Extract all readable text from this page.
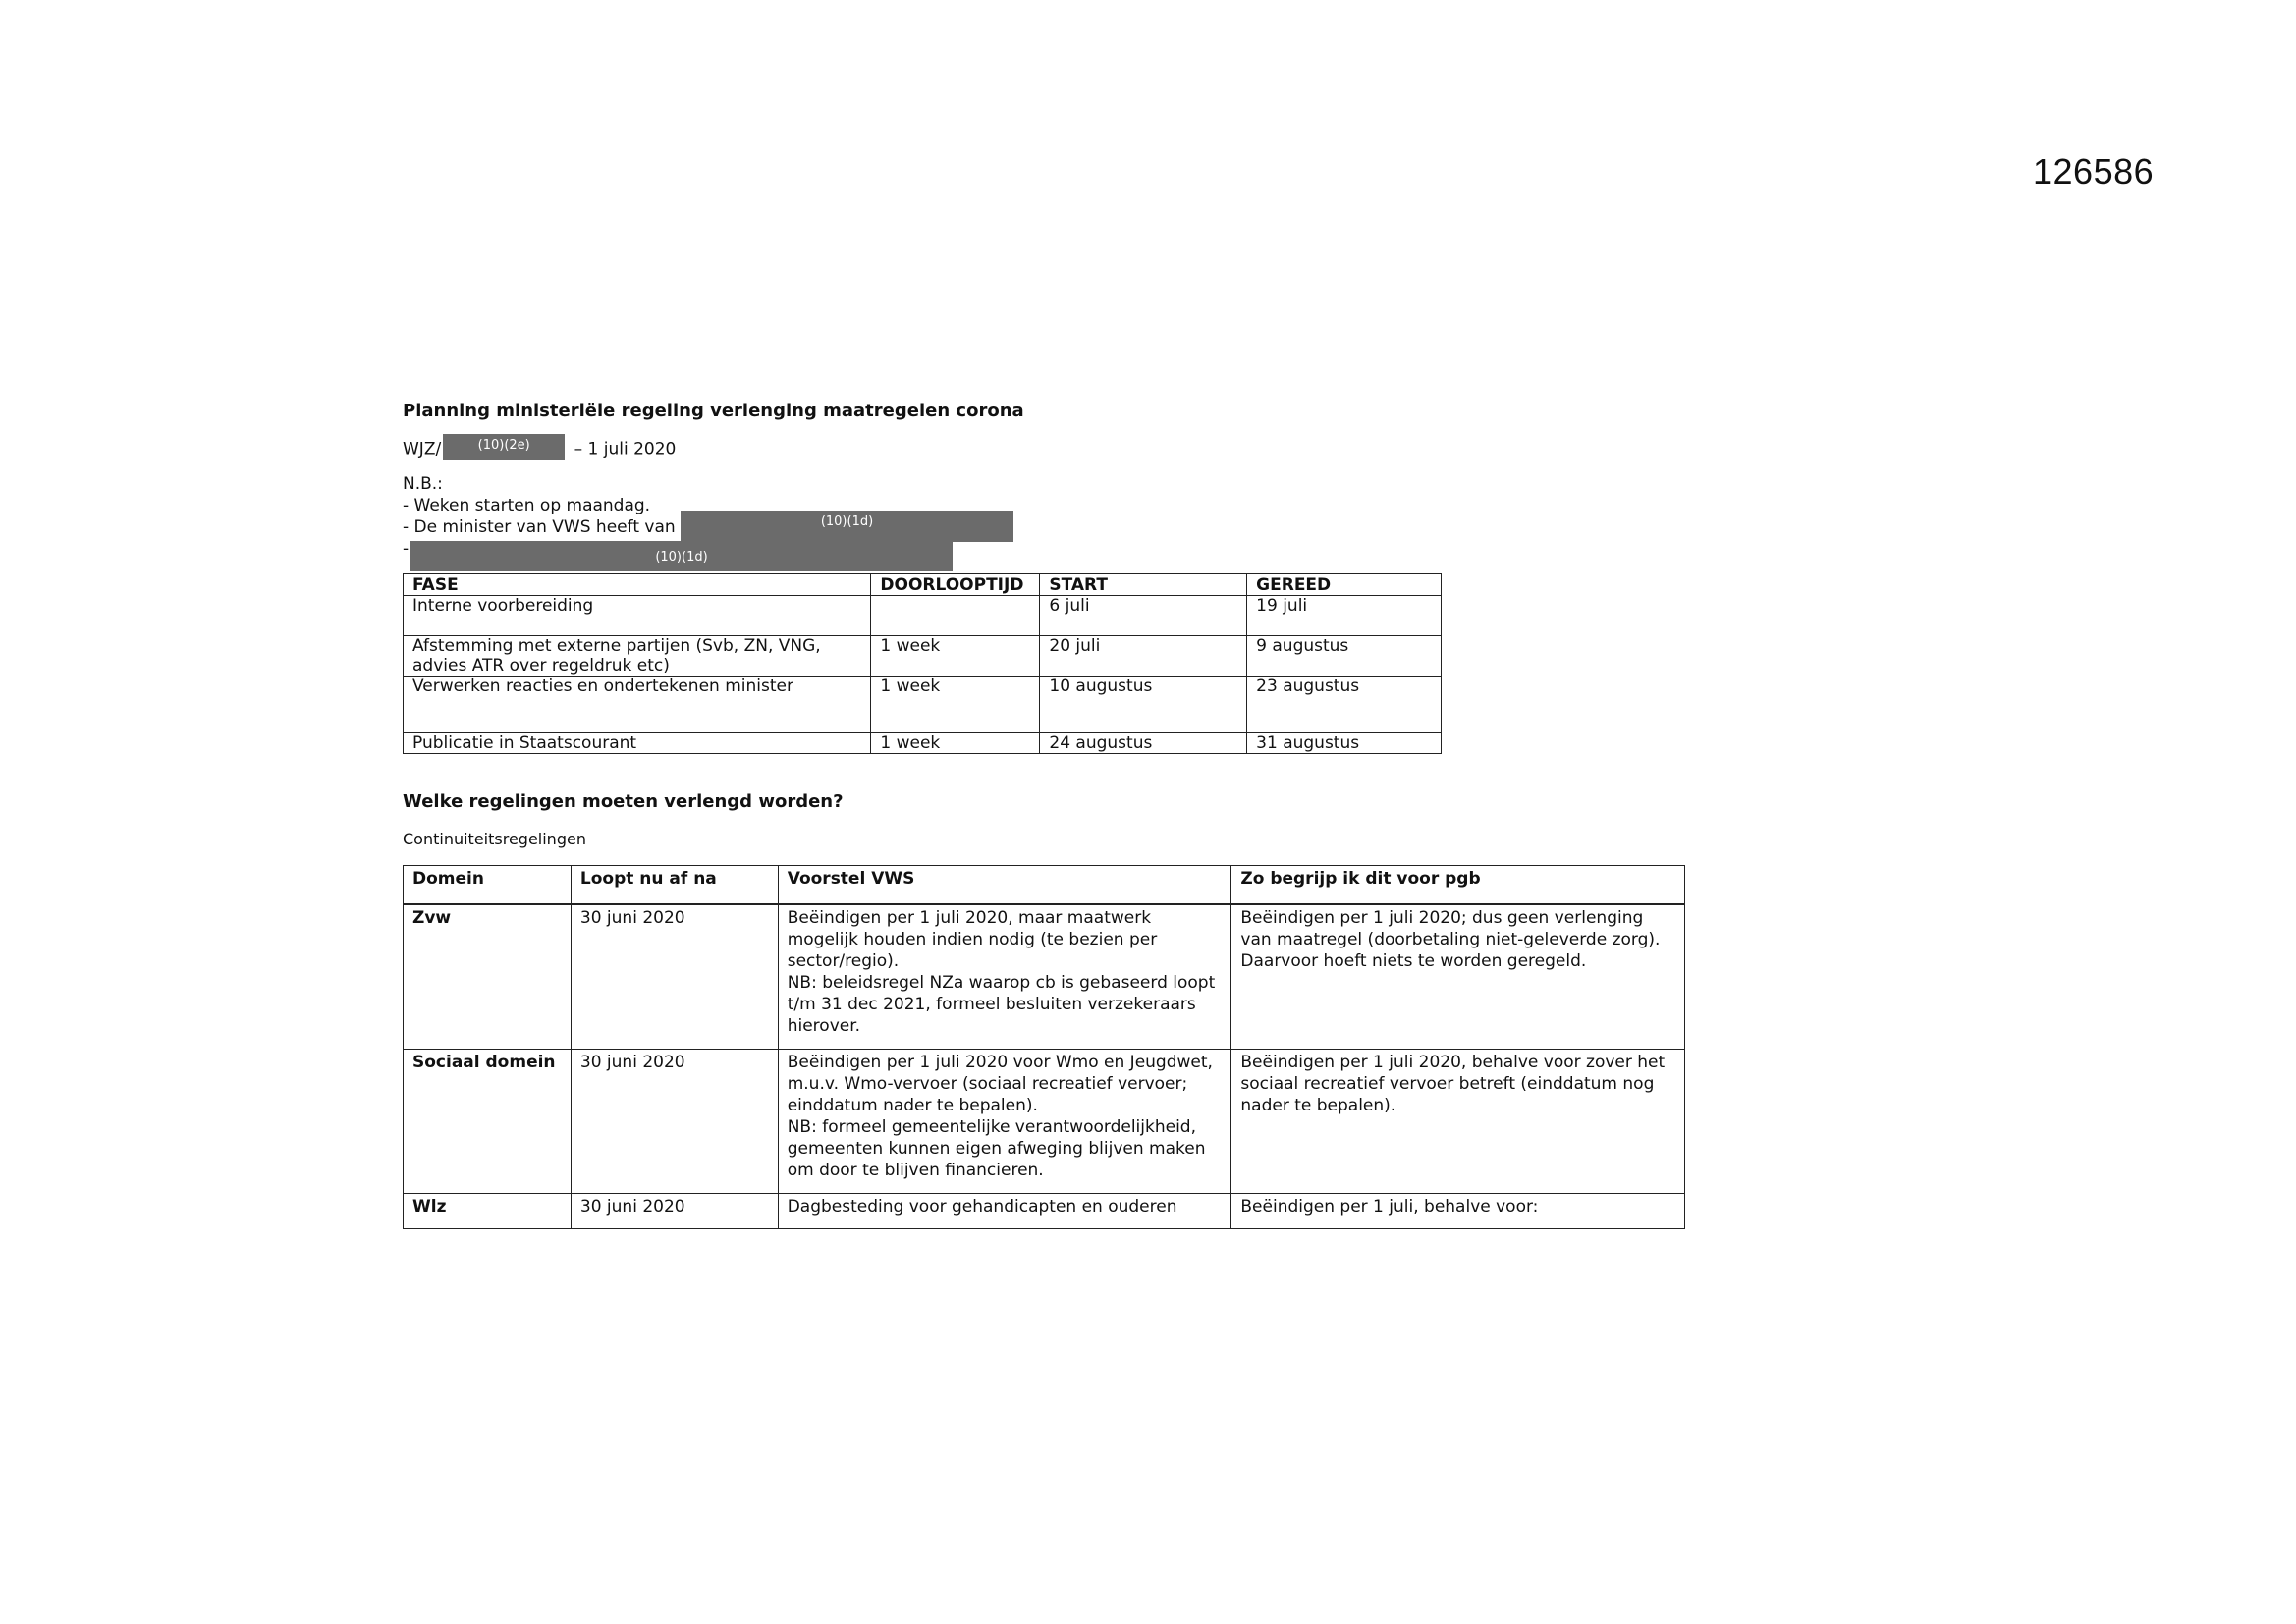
126586
Planning ministeriële regeling verlenging maatregelen corona
WJZ/	(10)(2e) – 1 juli 2020
N.B.:
- Weken starten op maandag.
- De minister van VWS heeft van
-
(10)(1d)
(10)(1d)
FASE	DOORLOOPTIJD	START	GEREED
Interne voorbereiding		6 juli	19 juli
Afstemming met externe partijen (Svb, ZN, VNG, advies ATR over regeldruk etc)	1 week	20 juli	9 augustus
Verwerken reacties en ondertekenen minister	1 week	10 augustus	23 augustus
Publicatie in Staatscourant	1 week	24 augustus	31 augustus
Welke regelingen moeten verlengd worden?
Continuiteitsregelingen
Domein	Loopt nu af na	Voorstel VWS	Zo begrijp ik dit voor pgb
Zvw	30 juni 2020	Beëindigen per 1 juli 2020, maar maatwerk mogelijk houden indien nodig (te bezien per sector/regio).
NB: beleidsregel NZa waarop cb is gebaseerd loopt t/m 31 dec 2021, formeel besluiten verzekeraars hierover.	Beëindigen per 1 juli 2020; dus geen verlenging van maatregel (doorbetaling niet-geleverde zorg). Daarvoor hoeft niets te worden geregeld.
Sociaal domein	30 juni 2020	Beëindigen per 1 juli 2020 voor Wmo en Jeugdwet, m.u.v. Wmo-vervoer (sociaal recreatief vervoer; einddatum nader te bepalen).
NB: formeel gemeentelijke verantwoordelijkheid, gemeenten kunnen eigen afweging blijven maken om door te blijven financieren.	Beëindigen per 1 juli 2020, behalve voor zover het sociaal recreatief vervoer betreft (einddatum nog nader te bepalen).
Wlz	30 juni 2020	Dagbesteding voor gehandicapten en ouderen	Beëindigen per 1 juli, behalve voor:
